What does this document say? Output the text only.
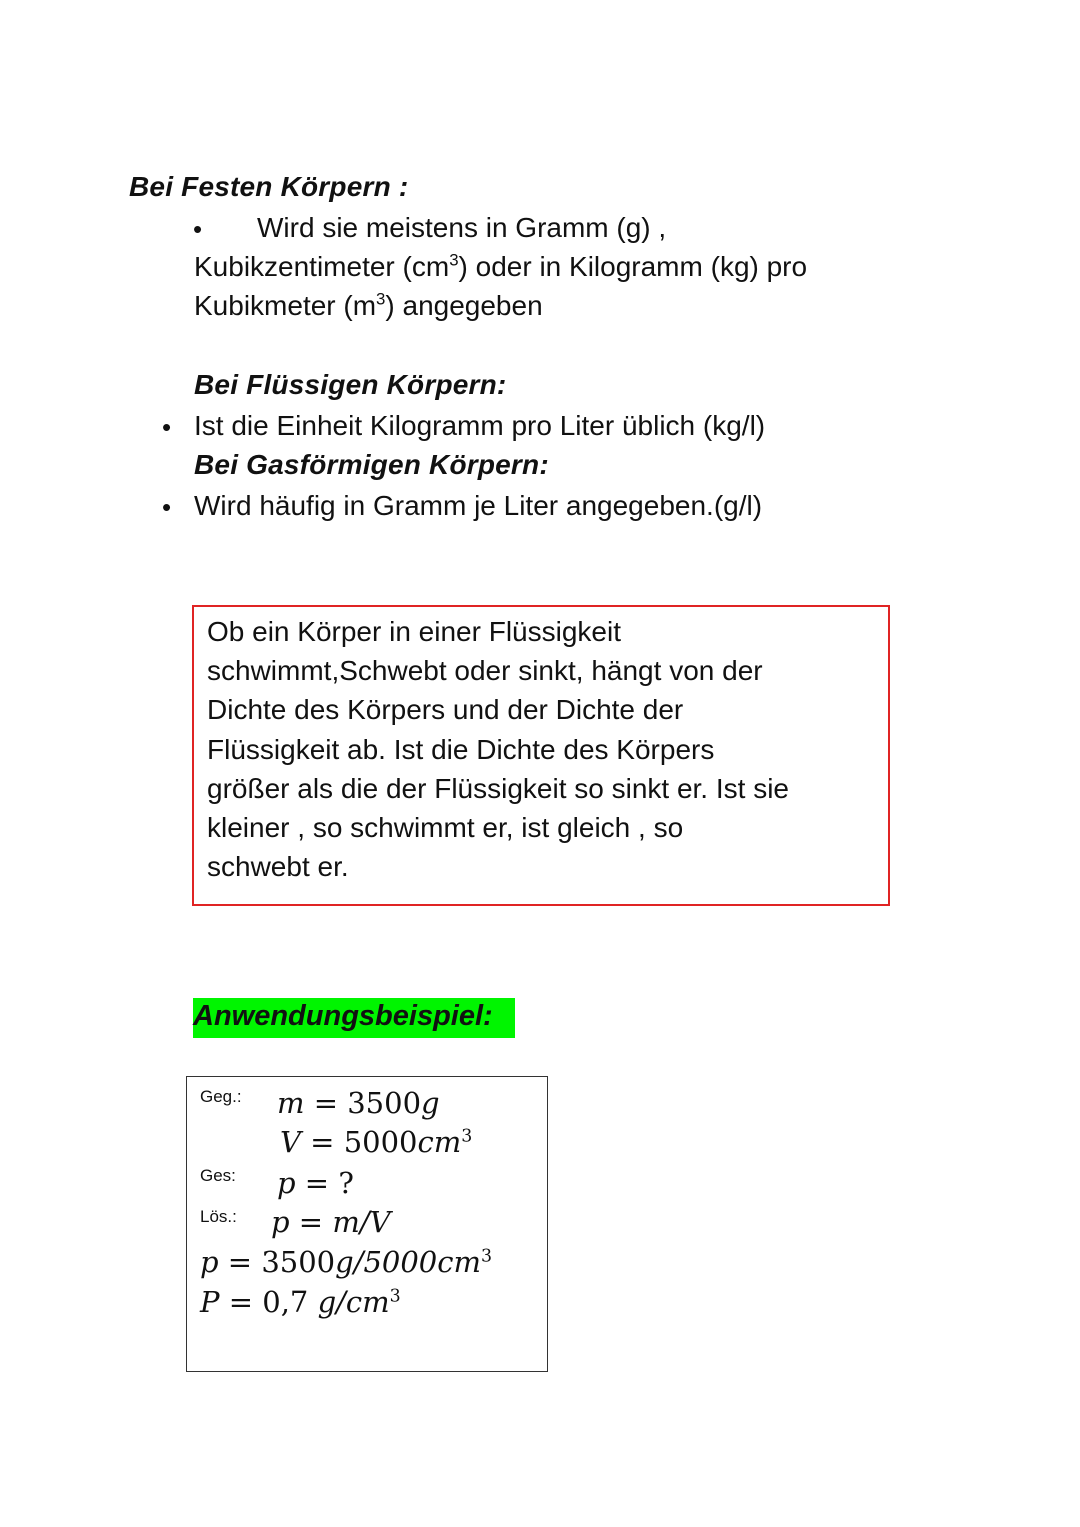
Bei Festen Körpern :
• Wird sie meistens in Gramm (g) ,
Kubikzentimeter $(cm^3)$ oder in Kilogramm (kg) pro
Kubikmeter $(m^3)$ angegeben
Bei Flüssigen Körpern:
• Ist die Einheit Kilogramm pro Liter üblich (kg/l)
Bei Gasförmigen Körpern:
• Wird häufig in Gramm je Liter angegeben.(g/l)
Ob ein Körper in einer Flüssigkeit
schwimmt,Schwebt oder sinkt, hängt von der
Dichte des Körpers und der Dichte der
Flüssigkeit ab. Ist die Dichte des Körpers
größer als die der Flüssigkeit so sinkt er. Ist sie
kleiner , so schwimmt er, ist gleich , so
schwebt er.
Anwendungsbeispiel:
Geg.: m = 3500g
$V = 5000cm^3$
Ges: p = ?
Lös.: p = m/V
$p = 3500g/5000cm^3$
P = 0,7 $g/cm^3$
